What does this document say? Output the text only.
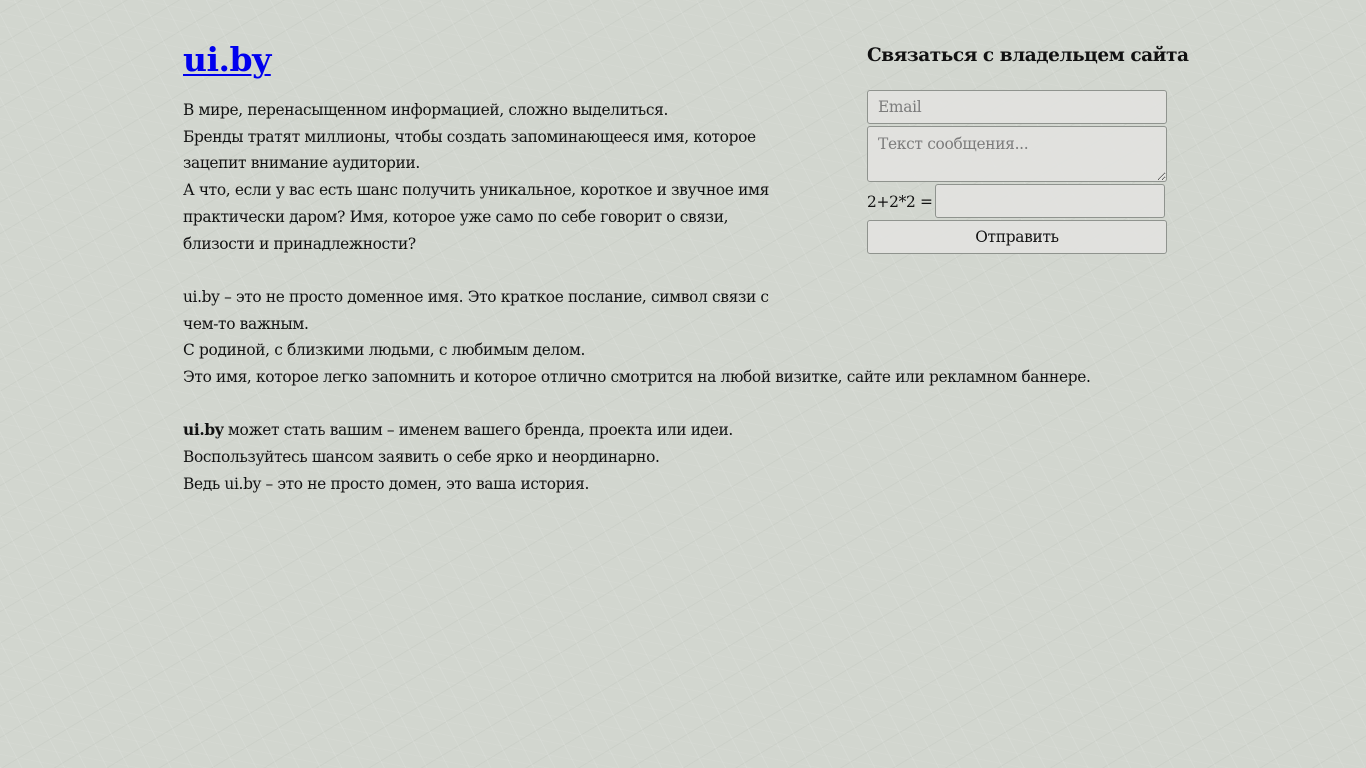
ui.by
В мире, перенасыщенном информацией, сложно выделиться.
Бренды тратят миллионы, чтобы создать запоминающееся имя, которое
зацепит внимание аудитории.
А что, если у вас есть шанс получить уникальное, короткое и звучное имя
практически даром? Имя, которое уже само по себе говорит о связи,
близости и принадлежности?
ui.by – это не просто доменное имя. Это краткое послание, символ связи с
чем-то важным.
С родиной, с близкими людьми, с любимым делом.
Это имя, которое легко запомнить и которое отлично смотрится на любой визитке, сайте или рекламном баннере.
ui.by может стать вашим – именем вашего бренда, проекта или идеи.
Воспользуйтесь шансом заявить о себе ярко и неординарно.
Ведь ui.by – это не просто домен, это ваша история.
Связаться с владельцем сайта
Email
Текст сообщения...
2+2*2 =
Отправить
